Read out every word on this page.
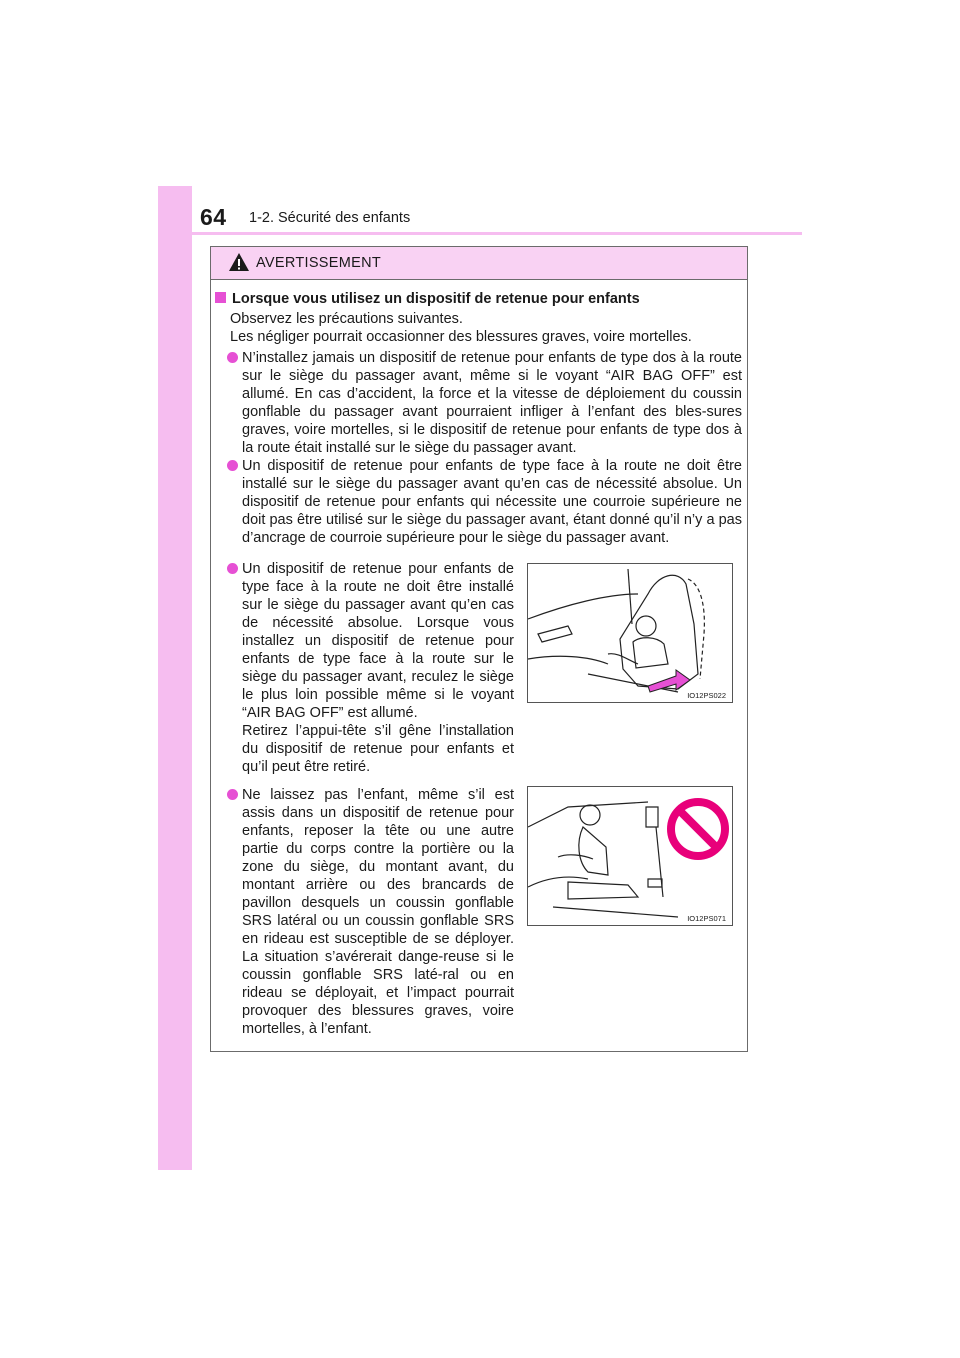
64 1-2. Sécurité des enfants
AVERTISSEMENT
Lorsque vous utilisez un dispositif de retenue pour enfants
Observez les précautions suivantes.
Les négliger pourrait occasionner des blessures graves, voire mortelles.

N’installez jamais un dispositif de retenue pour enfants de type dos à la route sur le siège du passager avant, même si le voyant “AIR BAG OFF” est allumé. En cas d’accident, la force et la vitesse de déploiement du coussin gonflable du passager avant pourraient infliger à l’enfant des bles-sures graves, voire mortelles, si le dispositif de retenue pour enfants de type dos à la route était installé sur le siège du passager avant.

Un dispositif de retenue pour enfants de type face à la route ne doit être installé sur le siège du passager avant qu’en cas de nécessité absolue. Un dispositif de retenue pour enfants qui nécessite une courroie supérieure ne doit pas être utilisé sur le siège du passager avant, étant donné qu’il n’y a pas d’ancrage de courroie supérieure pour le siège du passager avant.

Un dispositif de retenue pour enfants de type face à la route ne doit être installé sur le siège du passager avant qu’en cas de nécessité absolue. Lorsque vous installez un dispositif de retenue pour enfants de type face à la route sur le siège du passager avant, reculez le siège le plus loin possible même si le voyant “AIR BAG OFF” est allumé.

Retirez l’appui-tête s’il gêne l’installation du dispositif de retenue pour enfants et qu’il peut être retiré.

IO12PS022

Ne laissez pas l’enfant, même s’il est assis dans un dispositif de retenue pour enfants, reposer la tête ou une autre partie du corps contre la portière ou la zone du siège, du montant avant, du montant arrière ou des brancards de pavillon desquels un coussin gonflable SRS latéral ou un coussin gonflable SRS en rideau est susceptible de se déployer. La situation s’avérerait dange-reuse si le coussin gonflable SRS laté-ral ou en rideau se déployait, et l’impact pourrait provoquer des blessures graves, voire mortelles, à l’enfant.

IO12PS071
